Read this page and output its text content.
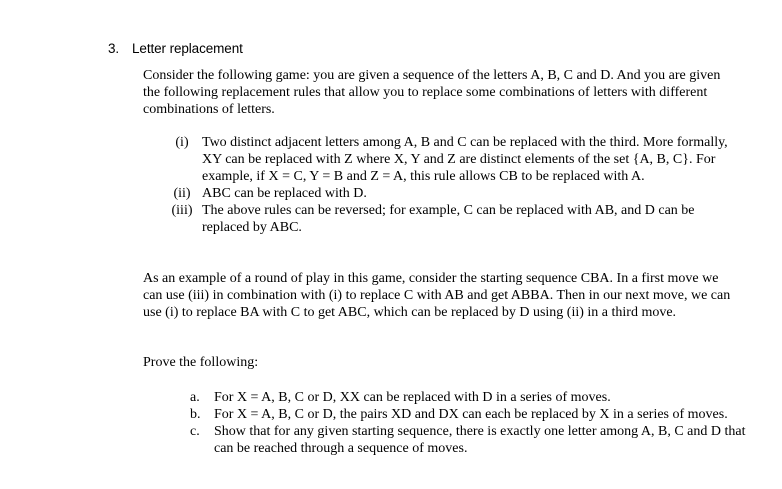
3. Letter replacement
Consider the following game: you are given a sequence of the letters A, B, C and D. And you are given the following replacement rules that allow you to replace some combinations of letters with different combinations of letters.
(i) Two distinct adjacent letters among A, B and C can be replaced with the third. More formally, XY can be replaced with Z where X, Y and Z are distinct elements of the set {A, B, C}. For example, if X = C, Y = B and Z = A, this rule allows CB to be replaced with A.
(ii) ABC can be replaced with D.
(iii) The above rules can be reversed; for example, C can be replaced with AB, and D can be replaced by ABC.
As an example of a round of play in this game, consider the starting sequence CBA. In a first move we can use (iii) in combination with (i) to replace C with AB and get ABBA. Then in our next move, we can use (i) to replace BA with C to get ABC, which can be replaced by D using (ii) in a third move.
Prove the following:
a. For X = A, B, C or D, XX can be replaced with D in a series of moves.
b. For X = A, B, C or D, the pairs XD and DX can each be replaced by X in a series of moves.
c. Show that for any given starting sequence, there is exactly one letter among A, B, C and D that can be reached through a sequence of moves.
